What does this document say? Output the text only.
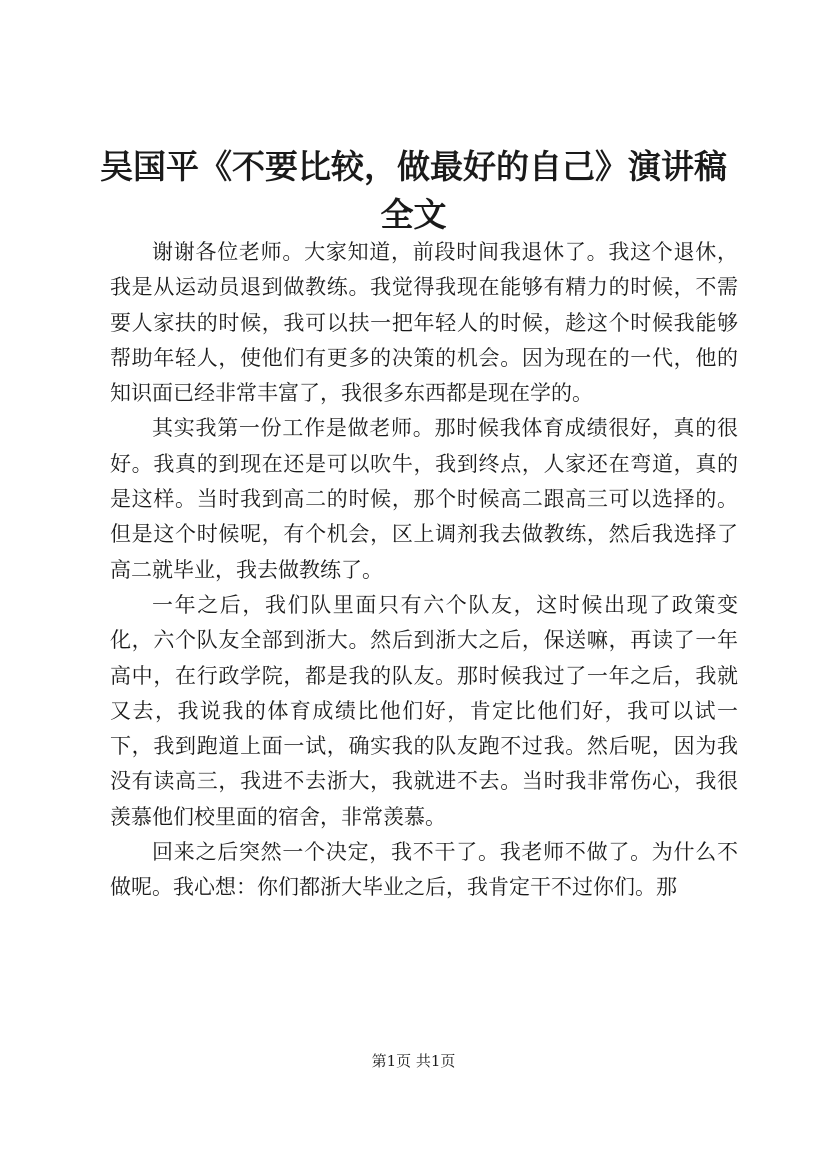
吴国平《不要比较，做最好的自己》演讲稿全文

谢谢各位老师。大家知道，前段时间我退休了。我这个退休，我是从运动员退到做教练。我觉得我现在能够有精力的时候，不需要人家扶的时候，我可以扶一把年轻人的时候，趁这个时候我能够帮助年轻人，使他们有更多的决策的机会。因为现在的一代，他的知识面已经非常丰富了，我很多东西都是现在学的。

其实我第一份工作是做老师。那时候我体育成绩很好，真的很好。我真的到现在还是可以吹牛，我到终点，人家还在弯道，真的是这样。当时我到高二的时候，那个时候高二跟高三可以选择的。但是这个时候呢，有个机会，区上调剂我去做教练，然后我选择了高二就毕业，我去做教练了。

一年之后，我们队里面只有六个队友，这时候出现了政策变化，六个队友全部到浙大。然后到浙大之后，保送嘛，再读了一年高中，在行政学院，都是我的队友。那时候我过了一年之后，我就又去，我说我的体育成绩比他们好，肯定比他们好，我可以试一下，我到跑道上面一试，确实我的队友跑不过我。然后呢，因为我没有读高三，我进不去浙大，我就进不去。当时我非常伤心，我很羡慕他们校里面的宿舍，非常羡慕。

回来之后突然一个决定，我不干了。我老师不做了。为什么不做呢。我心想：你们都浙大毕业之后，我肯定干不过你们。那

第1页 共1页
